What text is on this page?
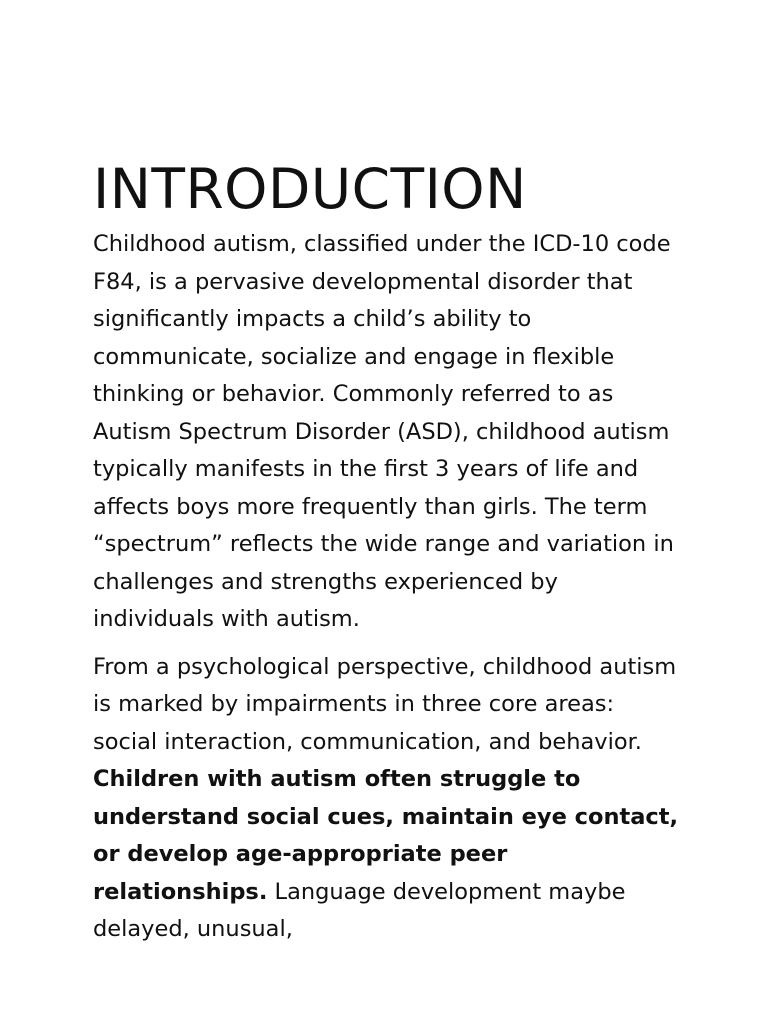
INTRODUCTION

Childhood autism, classified under the ICD-10 code F84, is a pervasive developmental disorder that significantly impacts a child’s ability to communicate, socialize and engage in flexible thinking or behavior. Commonly referred to as Autism Spectrum Disorder (ASD), childhood autism typically manifests in the first 3 years of life and affects boys more frequently than girls. The term “spectrum” reflects the wide range and variation in challenges and strengths experienced by individuals with autism.

From a psychological perspective, childhood autism is marked by impairments in three core areas: social interaction, communication, and behavior. Children with autism often struggle to understand social cues, maintain eye contact, or develop age-appropriate peer relationships. Language development maybe delayed, unusual,
